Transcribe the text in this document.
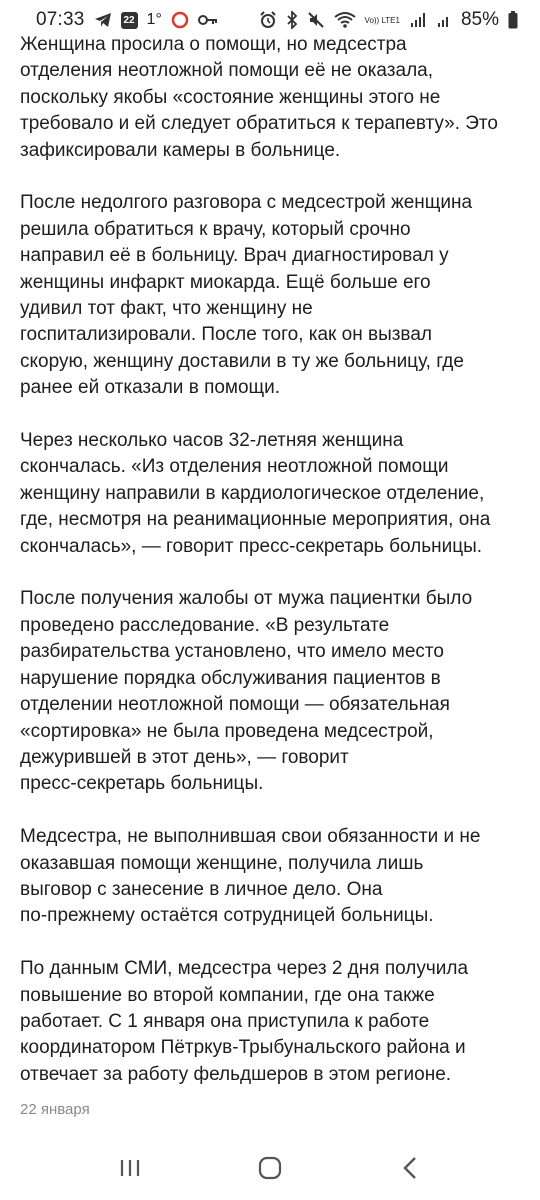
07:33	22 1°	Vo)) LTE1	85%

Женщина просила о помощи, но медсестра
отделения неотложной помощи её не оказала,
поскольку якобы «состояние женщины этого не
требовало и ей следует обратиться к терапевту». Это
зафиксировали камеры в больнице.

После недолгого разговора с медсестрой женщина
решила обратиться к врачу, который срочно
направил её в больницу. Врач диагностировал у
женщины инфаркт миокарда. Ещё больше его
удивил тот факт, что женщину не
госпитализировали. После того, как он вызвал
скорую, женщину доставили в ту же больницу, где
ранее ей отказали в помощи.

Через несколько часов 32-летняя женщина
скончалась. «Из отделения неотложной помощи
женщину направили в кардиологическое отделение,
где, несмотря на реанимационные мероприятия, она
скончалась», — говорит пресс-секретарь больницы.

После получения жалобы от мужа пациентки было
проведено расследование. «В результате
разбирательства установлено, что имело место
нарушение порядка обслуживания пациентов в
отделении неотложной помощи — обязательная
«сортировка» не была проведена медсестрой,
дежурившей в этот день», — говорит
пресс-секретарь больницы.

Медсестра, не выполнившая свои обязанности и не
оказавшая помощи женщине, получила лишь
выговор с занесение в личное дело. Она
по-прежнему остаётся сотрудницей больницы.

По данным СМИ, медсестра через 2 дня получила
повышение во второй компании, где она также
работает. С 1 января она приступила к работе
координатором Пётркув-Трыбунальского района и
отвечает за работу фельдшеров в этом регионе.

22 января
